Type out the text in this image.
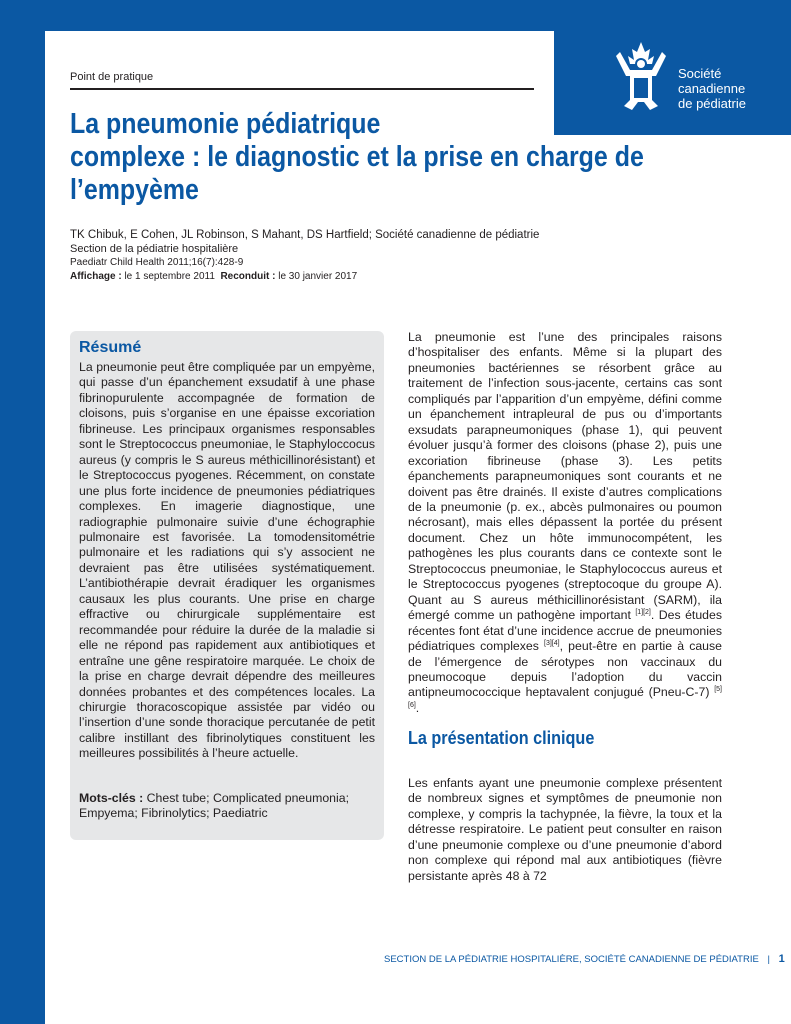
Société
canadienne
de pédiatrie
Point de pratique
La pneumonie pédiatrique
complexe : le diagnostic et la prise en charge de
l’empyème
TK Chibuk, E Cohen, JL Robinson, S Mahant, DS Hartfield; Société canadienne de pédiatrie
Section de la pédiatrie hospitalière
Paediatr Child Health 2011;16(7):428-9
Affichage : le 1 septembre 2011 Reconduit : le 30 janvier 2017
Résumé
La pneumonie peut être compliquée par un empyème, qui passe d’un épanchement exsudatif à une phase fibrinopurulente accompagnée de formation de cloisons, puis s’organise en une épaisse excoriation fibrineuse. Les principaux organismes responsables sont le Streptococcus pneumoniae, le Staphyloccocus aureus (y compris le S aureus méthicillinorésistant) et le Streptococcus pyogenes. Récemment, on constate une plus forte incidence de pneumonies pédiatriques complexes. En imagerie diagnostique, une radiographie pulmonaire suivie d’une échographie pulmonaire est favorisée. La tomodensitométrie pulmonaire et les radiations qui s’y associent ne devraient pas être utilisées systématiquement. L’antibiothérapie devrait éradiquer les organismes causaux les plus courants. Une prise en charge effractive ou chirurgicale supplémentaire est recommandée pour réduire la durée de la maladie si elle ne répond pas rapidement aux antibiotiques et entraîne une gêne respiratoire marquée. Le choix de la prise en charge devrait dépendre des meilleures données probantes et des compétences locales. La chirurgie thoracoscopique assistée par vidéo ou l’insertion d’une sonde thoracique percutanée de petit calibre instillant des fibrinolytiques constituent les meilleures possibilités à l’heure actuelle.
Mots-clés : Chest tube; Complicated pneumonia; Empyema; Fibrinolytics; Paediatric
La pneumonie est l’une des principales raisons d’hospitaliser des enfants. Même si la plupart des pneumonies bactériennes se résorbent grâce au traitement de l’infection sous-jacente, certains cas sont compliqués par l’apparition d’un empyème, défini comme un épanchement intrapleural de pus ou d’importants exsudats parapneumoniques (phase 1), qui peuvent évoluer jusqu’à former des cloisons (phase 2), puis une excoriation fibrineuse (phase 3). Les petits épanchements parapneumoniques sont courants et ne doivent pas être drainés. Il existe d’autres complications de la pneumonie (p. ex., abcès pulmonaires ou poumon nécrosant), mais elles dépassent la portée du présent document. Chez un hôte immunocompétent, les pathogènes les plus courants dans ce contexte sont le Streptococcus pneumoniae, le Staphylococcus aureus et le Streptococcus pyogenes (streptocoque du groupe A). Quant au S aureus méthicillinorésistant (SARM), ila émergé comme un pathogène important [1][2]. Des études récentes font état d’une incidence accrue de pneumonies pédiatriques complexes [3][4], peut-être en partie à cause de l’émergence de sérotypes non vaccinaux du pneumocoque depuis l’adoption du vaccin antipneumococcique heptavalent conjugué (Pneu-C-7) [5][6].
La présentation clinique
Les enfants ayant une pneumonie complexe présentent de nombreux signes et symptômes de pneumonie non complexe, y compris la tachypnée, la fièvre, la toux et la détresse respiratoire. Le patient peut consulter en raison d’une pneumonie complexe ou d’une pneumonie d’abord non complexe qui répond mal aux antibiotiques (fièvre persistante après 48 à 72
SECTION DE LA PÉDIATRIE HOSPITALIÈRE, SOCIÉTÉ CANADIENNE DE PÉDIATRIE | 1
